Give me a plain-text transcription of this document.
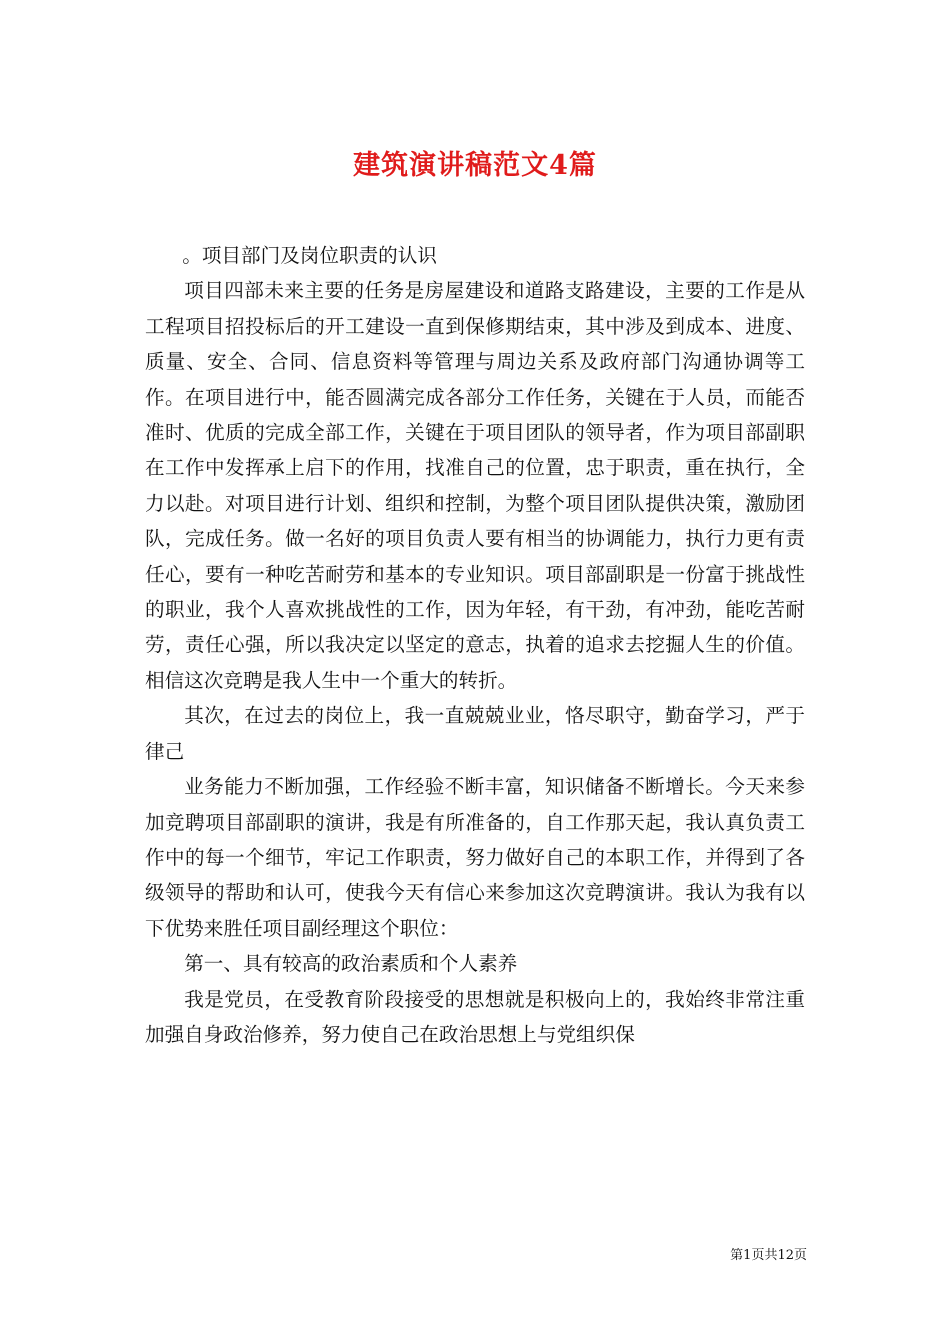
建筑演讲稿范文4篇

。项目部门及岗位职责的认识

项目四部未来主要的任务是房屋建设和道路支路建设，主要的工作是从工程项目招投标后的开工建设一直到保修期结束，其中涉及到成本、进度、质量、安全、合同、信息资料等管理与周边关系及政府部门沟通协调等工作。在项目进行中，能否圆满完成各部分工作任务，关键在于人员，而能否准时、优质的完成全部工作，关键在于项目团队的领导者，作为项目部副职在工作中发挥承上启下的作用，找准自己的位置，忠于职责，重在执行，全力以赴。对项目进行计划、组织和控制，为整个项目团队提供决策，激励团队，完成任务。做一名好的项目负责人要有相当的协调能力，执行力更有责任心，要有一种吃苦耐劳和基本的专业知识。项目部副职是一份富于挑战性的职业，我个人喜欢挑战性的工作，因为年轻，有干劲，有冲劲，能吃苦耐劳，责任心强，所以我决定以坚定的意志，执着的追求去挖掘人生的价值。相信这次竞聘是我人生中一个重大的转折。

其次，在过去的岗位上，我一直兢兢业业，恪尽职守，勤奋学习，严于律己

业务能力不断加强，工作经验不断丰富，知识储备不断增长。今天来参加竞聘项目部副职的演讲，我是有所准备的，自工作那天起，我认真负责工作中的每一个细节，牢记工作职责，努力做好自己的本职工作，并得到了各级领导的帮助和认可，使我今天有信心来参加这次竞聘演讲。我认为我有以下优势来胜任项目副经理这个职位：

第一、具有较高的政治素质和个人素养

我是党员，在受教育阶段接受的思想就是积极向上的，我始终非常注重加强自身政治修养，努力使自己在政治思想上与党组织保

第1页共12页
